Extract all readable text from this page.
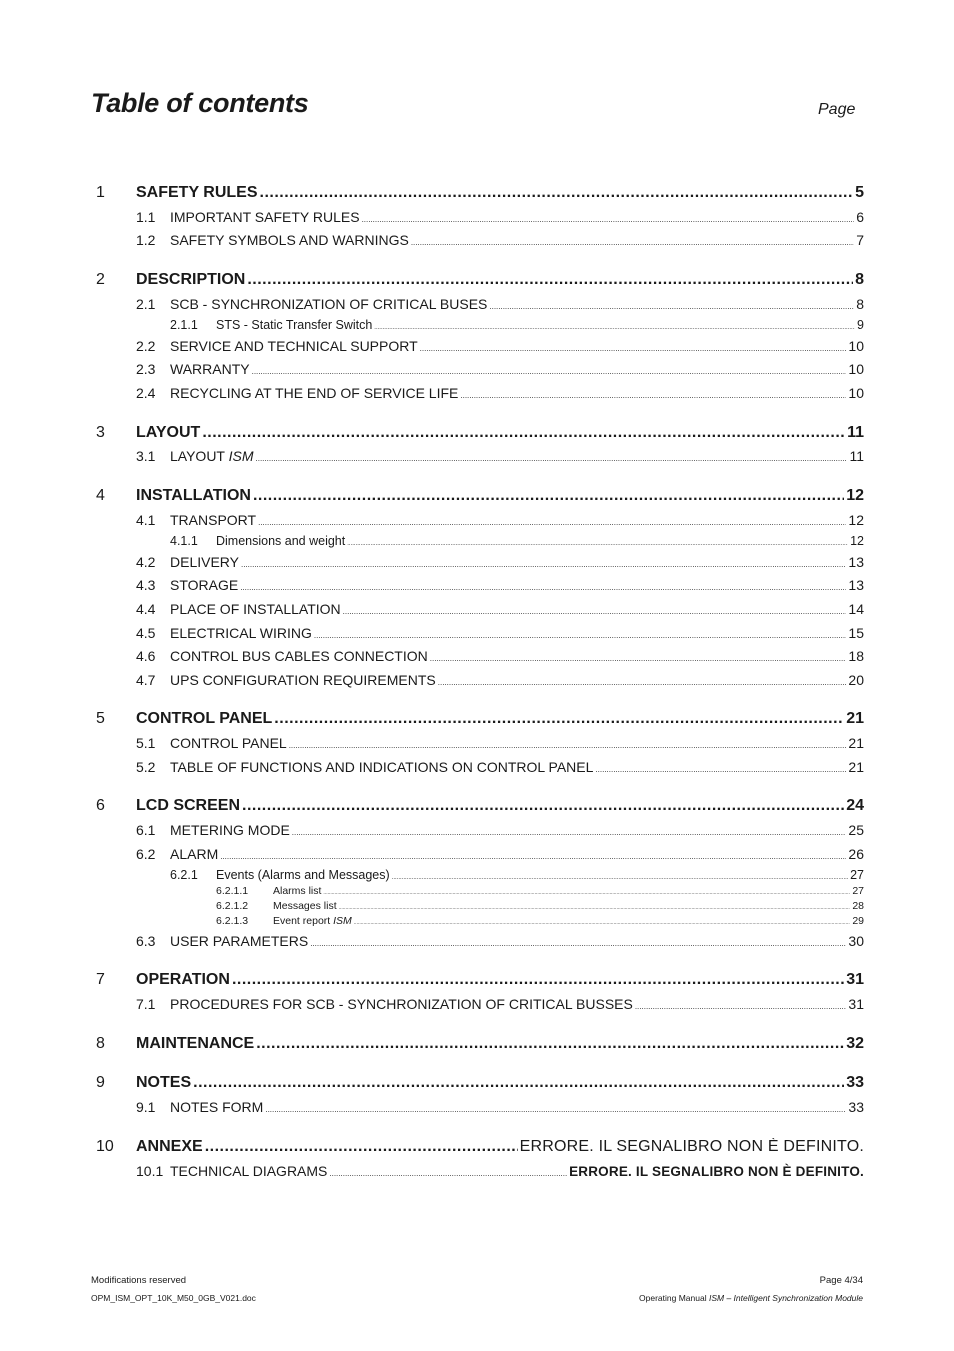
Table of contents	Page
1	SAFETY RULES .....	5
1.1	IMPORTANT SAFETY RULES .....	6
1.2	SAFETY SYMBOLS AND WARNINGS .....	7
2	DESCRIPTION .....	8
2.1	SCB - SYNCHRONIZATION OF CRITICAL BUSES .....	8
2.1.1	STS - Static Transfer Switch .....	9
2.2	SERVICE AND TECHNICAL SUPPORT .....	10
2.3	WARRANTY .....	10
2.4	RECYCLING AT THE END OF SERVICE LIFE .....	10
3	LAYOUT .....	11
3.1	LAYOUT ISM .....	11
4	INSTALLATION .....	12
4.1	TRANSPORT .....	12
4.1.1	Dimensions and weight .....	12
4.2	DELIVERY .....	13
4.3	STORAGE .....	13
4.4	PLACE OF INSTALLATION .....	14
4.5	ELECTRICAL WIRING .....	15
4.6	CONTROL BUS CABLES CONNECTION .....	18
4.7	UPS CONFIGURATION REQUIREMENTS .....	20
5	CONTROL PANEL .....	21
5.1	CONTROL PANEL .....	21
5.2	TABLE OF FUNCTIONS AND INDICATIONS ON CONTROL PANEL .....	21
6	LCD SCREEN .....	24
6.1	METERING MODE .....	25
6.2	ALARM .....	26
6.2.1	Events (Alarms and Messages) .....	27
6.2.1.1	Alarms list .....	27
6.2.1.2	Messages list .....	28
6.2.1.3	Event report ISM .....	29
6.3	USER PARAMETERS .....	30
7	OPERATION .....	31
7.1	PROCEDURES FOR SCB - SYNCHRONIZATION OF CRITICAL BUSSES .....	31
8	MAINTENANCE .....	32
9	NOTES .....	33
9.1	NOTES FORM .....	33
10	ANNEXE .....	ERRORE. IL SEGNALIBRO NON È DEFINITO.
10.1 TECHNICAL DIAGRAMS .....	ERRORE. IL SEGNALIBRO NON È DEFINITO.
Modifications reserved
OPM_ISM_OPT_10K_M50_0GB_V021.doc
Page 4/34
Operating Manual ISM – Intelligent Synchronization Module
